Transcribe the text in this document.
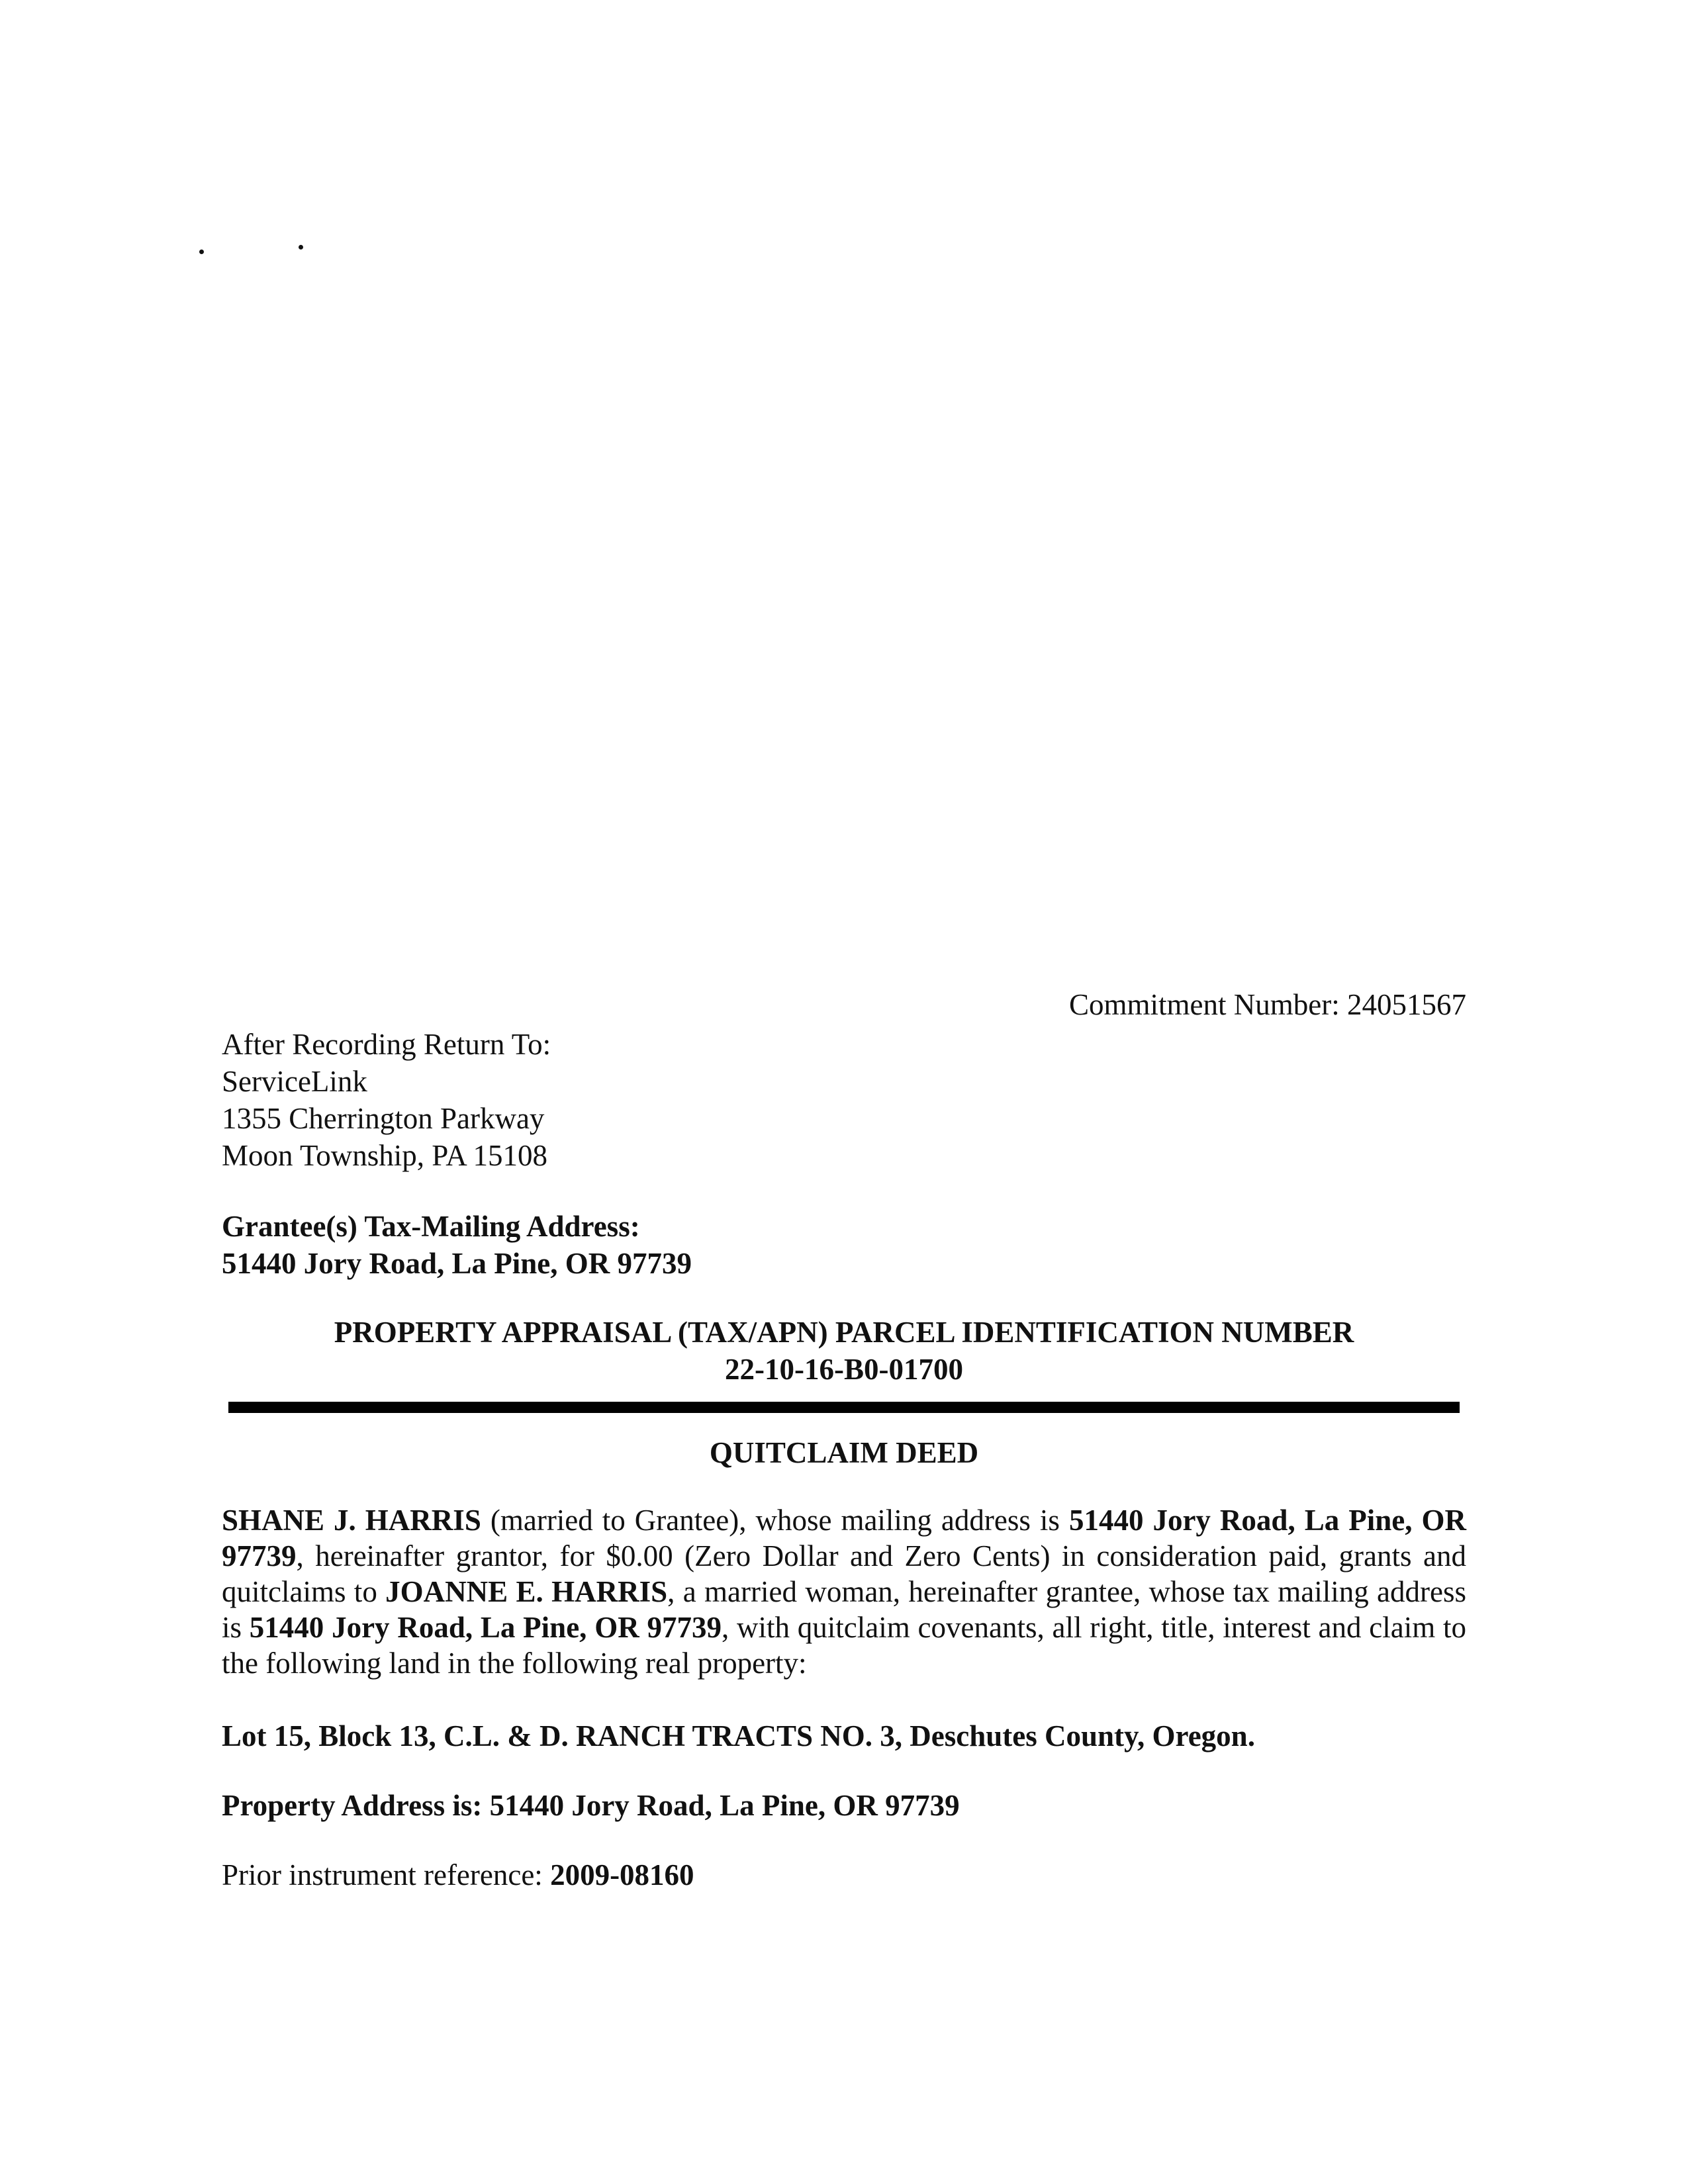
Commitment Number: 24051567
After Recording Return To:
ServiceLink
1355 Cherrington Parkway
Moon Township, PA 15108
Grantee(s) Tax-Mailing Address:
51440 Jory Road, La Pine, OR 97739
PROPERTY APPRAISAL (TAX/APN) PARCEL IDENTIFICATION NUMBER
22-10-16-B0-01700
QUITCLAIM DEED
SHANE J. HARRIS (married to Grantee), whose mailing address is 51440 Jory Road, La Pine, OR 97739, hereinafter grantor, for $0.00 (Zero Dollar and Zero Cents) in consideration paid, grants and quitclaims to JOANNE E. HARRIS, a married woman, hereinafter grantee, whose tax mailing address is 51440 Jory Road, La Pine, OR 97739, with quitclaim covenants, all right, title, interest and claim to the following land in the following real property:
Lot 15, Block 13, C.L. & D. RANCH TRACTS NO. 3, Deschutes County, Oregon.
Property Address is: 51440 Jory Road, La Pine, OR 97739
Prior instrument reference: 2009-08160
